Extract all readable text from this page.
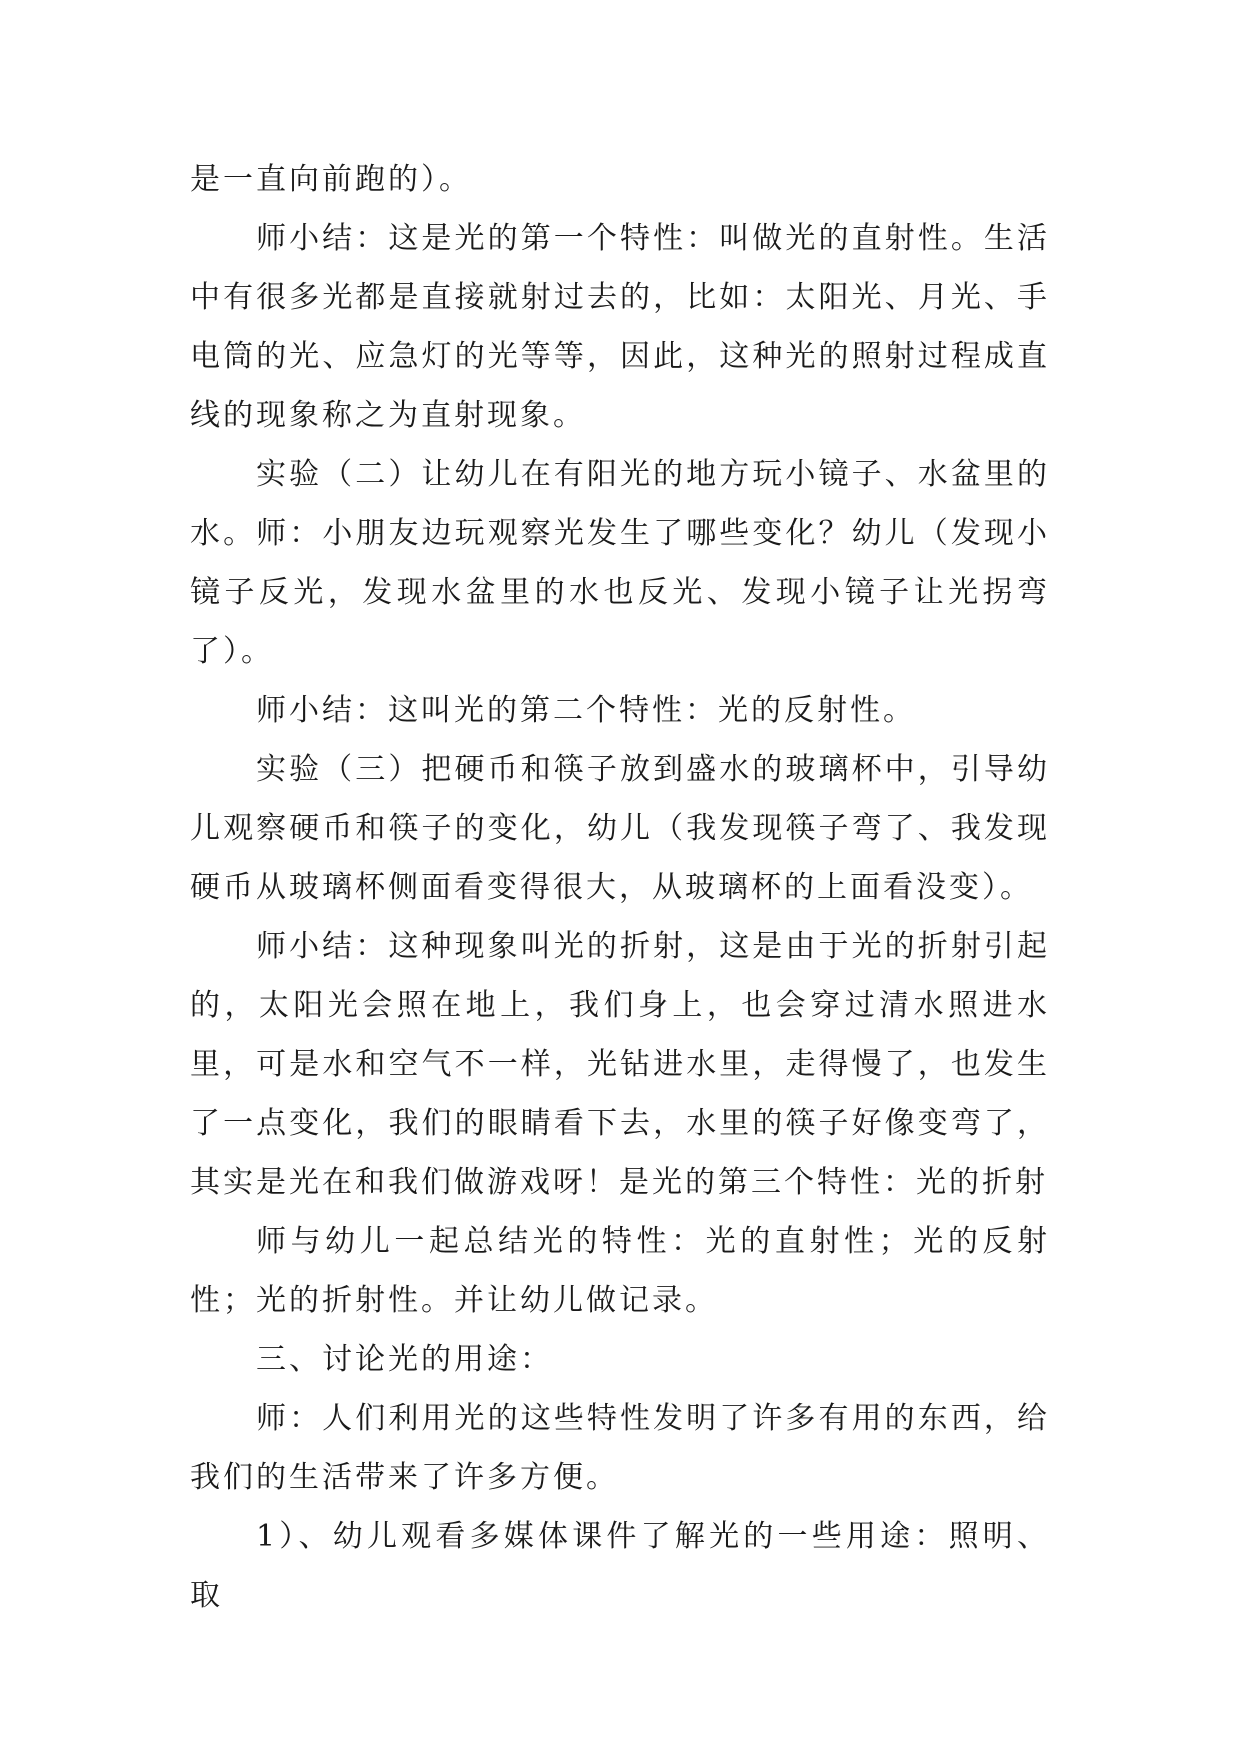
是一直向前跑的）。

师小结：这是光的第一个特性：叫做光的直射性。生活中有很多光都是直接就射过去的，比如：太阳光、月光、手电筒的光、应急灯的光等等，因此，这种光的照射过程成直线的现象称之为直射现象。

实验（二）让幼儿在有阳光的地方玩小镜子、水盆里的水。师：小朋友边玩观察光发生了哪些变化？幼儿（发现小镜子反光，发现水盆里的水也反光、发现小镜子让光拐弯了）。

师小结：这叫光的第二个特性：光的反射性。

实验（三）把硬币和筷子放到盛水的玻璃杯中，引导幼儿观察硬币和筷子的变化，幼儿（我发现筷子弯了、我发现硬币从玻璃杯侧面看变得很大，从玻璃杯的上面看没变）。

师小结：这种现象叫光的折射，这是由于光的折射引起的，太阳光会照在地上，我们身上，也会穿过清水照进水里，可是水和空气不一样，光钻进水里，走得慢了，也发生了一点变化，我们的眼睛看下去，水里的筷子好像变弯了，其实是光在和我们做游戏呀！是光的第三个特性：光的折射

师与幼儿一起总结光的特性：光的直射性；光的反射性；光的折射性。并让幼儿做记录。

三、讨论光的用途：

师：人们利用光的这些特性发明了许多有用的东西，给我们的生活带来了许多方便。

1）、幼儿观看多媒体课件了解光的一些用途：照明、取
